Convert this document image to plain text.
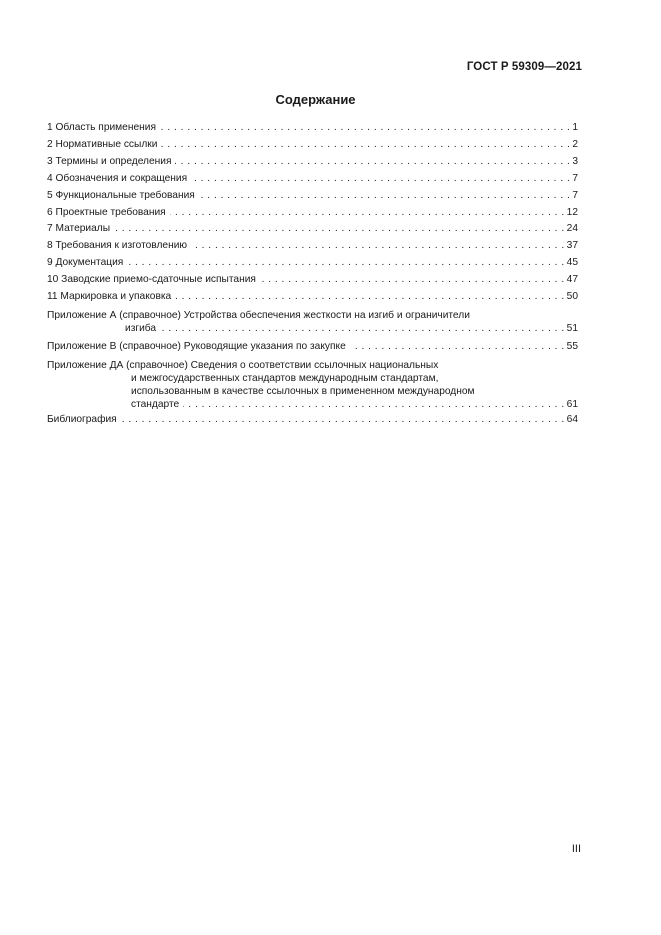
ГОСТ Р 59309—2021
Содержание
1 Область применения . . .	1
2 Нормативные ссылки . . .	2
3 Термины и определения . . .	3
4 Обозначения и сокращения . . .	7
5 Функциональные требования . . .	7
6 Проектные требования . . .	12
7 Материалы . . .	24
8 Требования к изготовлению . . .	37
9 Документация . . .	45
10 Заводские приемо-сдаточные испытания . . .	47
11 Маркировка и упаковка . . .	50
Приложение А (справочное) Устройства обеспечения жесткости на изгиб и ограничители
изгиба . . .	51
Приложение В (справочное) Руководящие указания по закупке . . .	55
Приложение ДА (справочное) Сведения о соответствии ссылочных национальных
и межгосударственных стандартов международным стандартам,
использованным в качестве ссылочных в примененном международном
стандарте . . .	61
Библиография . . .	64
III
